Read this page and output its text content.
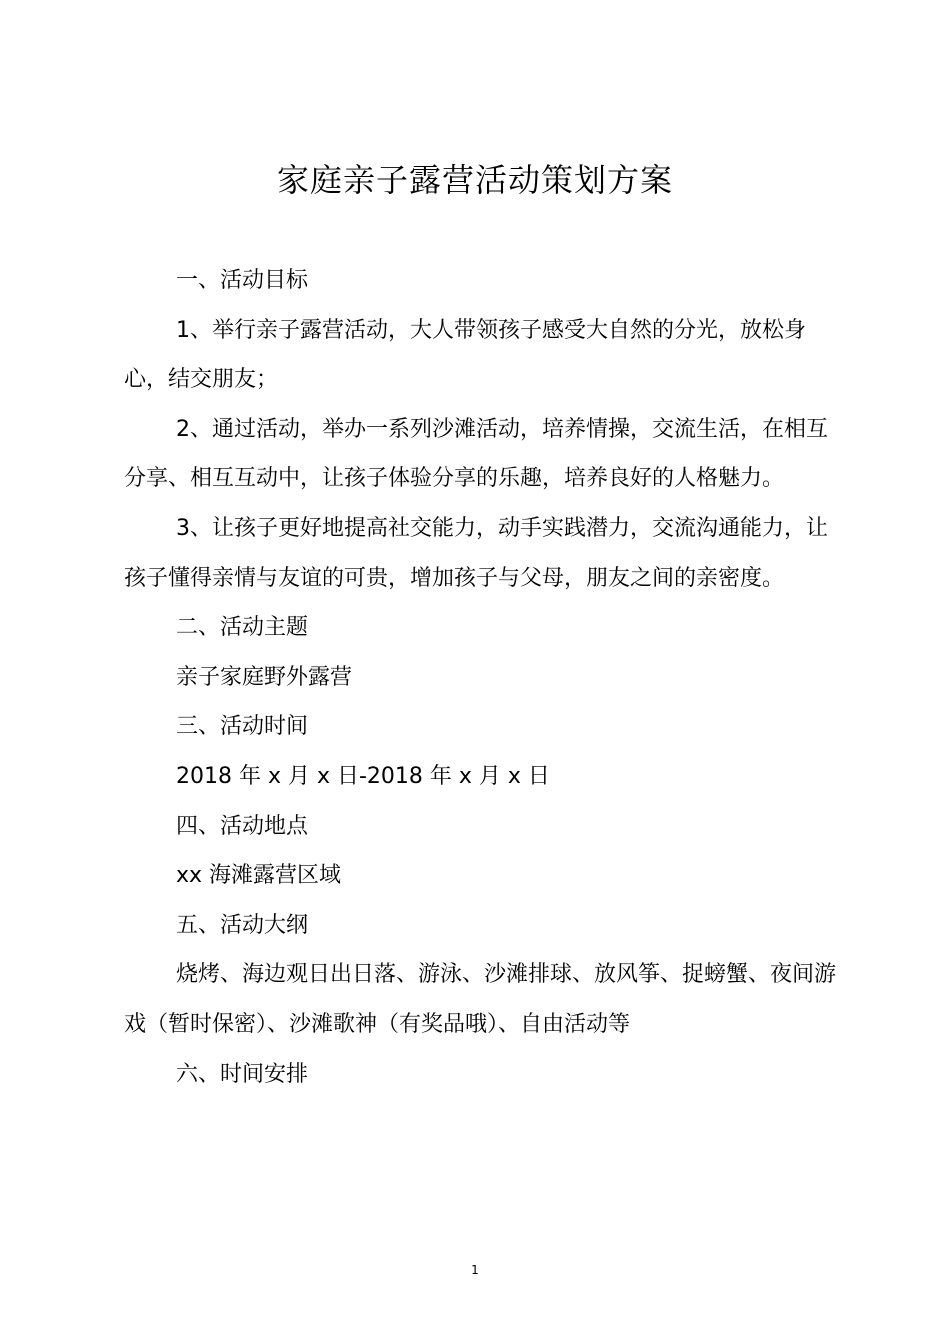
家庭亲子露营活动策划方案

一、活动目标

1、举行亲子露营活动，大人带领孩子感受大自然的分光，放松身心，结交朋友；

2、通过活动，举办一系列沙滩活动，培养情操，交流生活，在相互分享、相互互动中，让孩子体验分享的乐趣，培养良好的人格魅力。

3、让孩子更好地提高社交能力，动手实践潜力，交流沟通能力，让孩子懂得亲情与友谊的可贵，增加孩子与父母，朋友之间的亲密度。

二、活动主题

亲子家庭野外露营

三、活动时间

2018 年 x 月 x 日-2018 年 x 月 x 日

四、活动地点

xx 海滩露营区域

五、活动大纲

烧烤、海边观日出日落、游泳、沙滩排球、放风筝、捉螃蟹、夜间游戏（暂时保密）、沙滩歌神（有奖品哦）、自由活动等

六、时间安排

1
